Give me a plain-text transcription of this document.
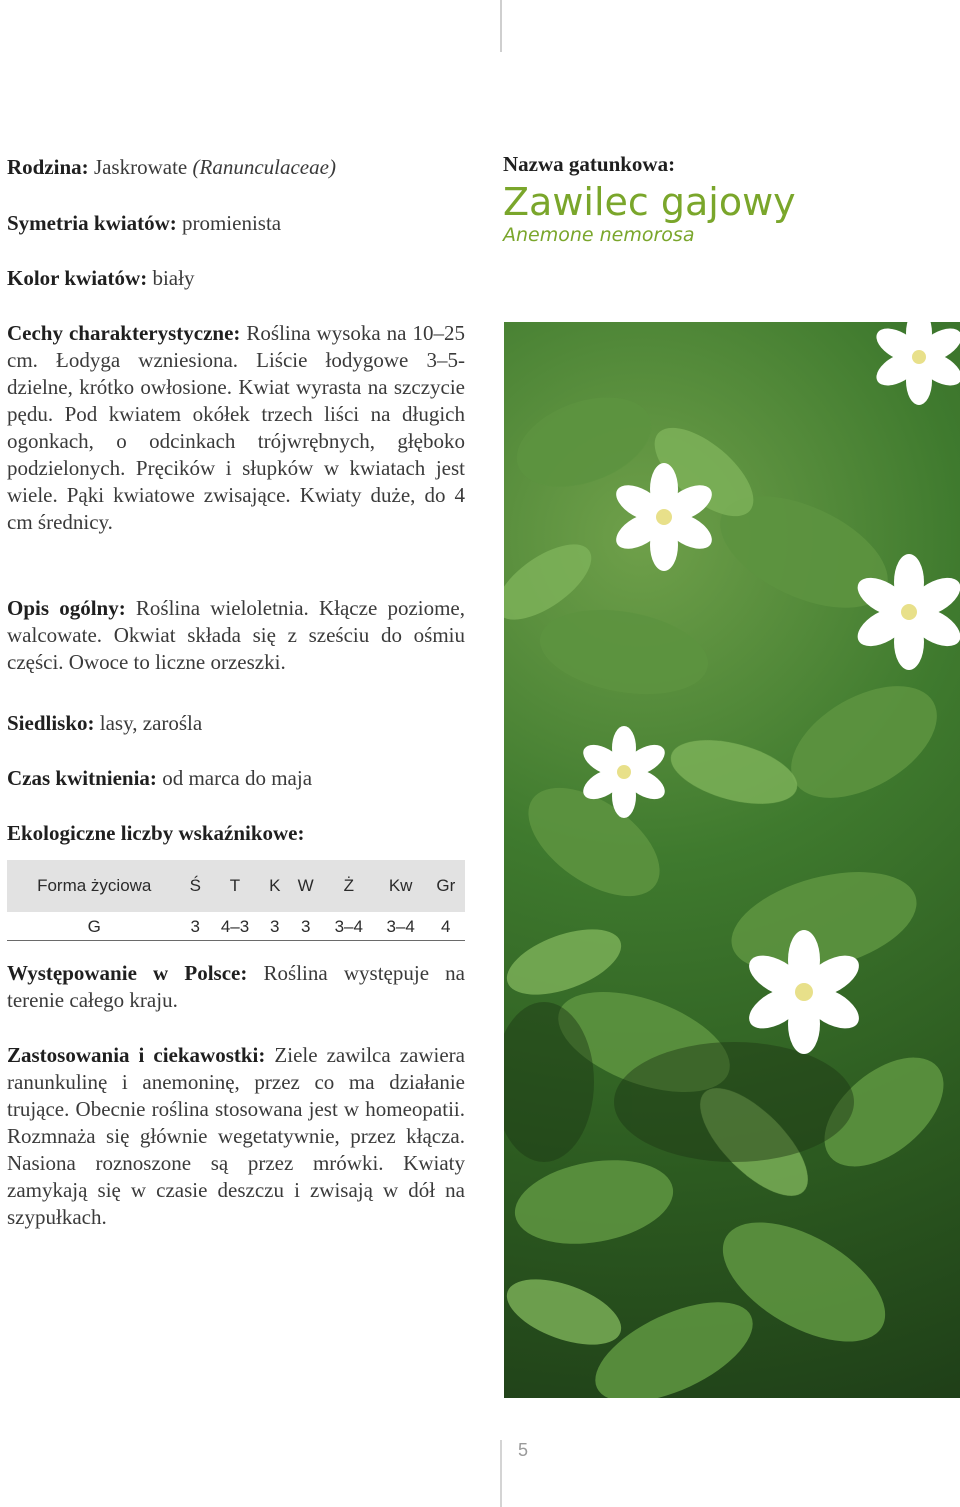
Rodzina: Jaskrowate (Ranunculaceae)

Symetria kwiatów: promienista

Kolor kwiatów: biały

Cechy charakterystyczne: Roślina wysoka na 10–25 cm. Łodyga wzniesiona. Liście łodygowe 3–5-dzielne, krótko owłosione. Kwiat wyrasta na szczycie pędu. Pod kwiatem okółek trzech liści na długich ogonkach, o odcinkach trójwrębnych, głęboko podzielonych. Pręcików i słupków w kwiatach jest wiele. Pąki kwiatowe zwisające. Kwiaty duże, do 4 cm średnicy.

Opis ogólny: Roślina wieloletnia. Kłącze poziome, walcowate. Okwiat składa się z sześciu do ośmiu części. Owoce to liczne orzeszki.

Siedlisko: lasy, zarośla

Czas kwitnienia: od marca do maja

Ekologiczne liczby wskaźnikowe:

Forma życiowa	Ś	T	K	W	Ż	Kw	Gr
G	3	4–3	3	3	3–4	3–4	4

Występowanie w Polsce: Roślina występuje na terenie całego kraju.

Zastosowania i ciekawostki: Ziele zawilca zawiera ranunkulinę i anemoninę, przez co ma działanie trujące. Obecnie roślina stosowana jest w homeopatii. Rozmnaża się głównie wegetatywnie, przez kłącza. Nasiona roznoszone są przez mrówki. Kwiaty zamykają się w czasie deszczu i zwisają w dół na szypułkach.

Nazwa gatunkowa:
Zawilec gajowy
Anemone nemorosa
5
